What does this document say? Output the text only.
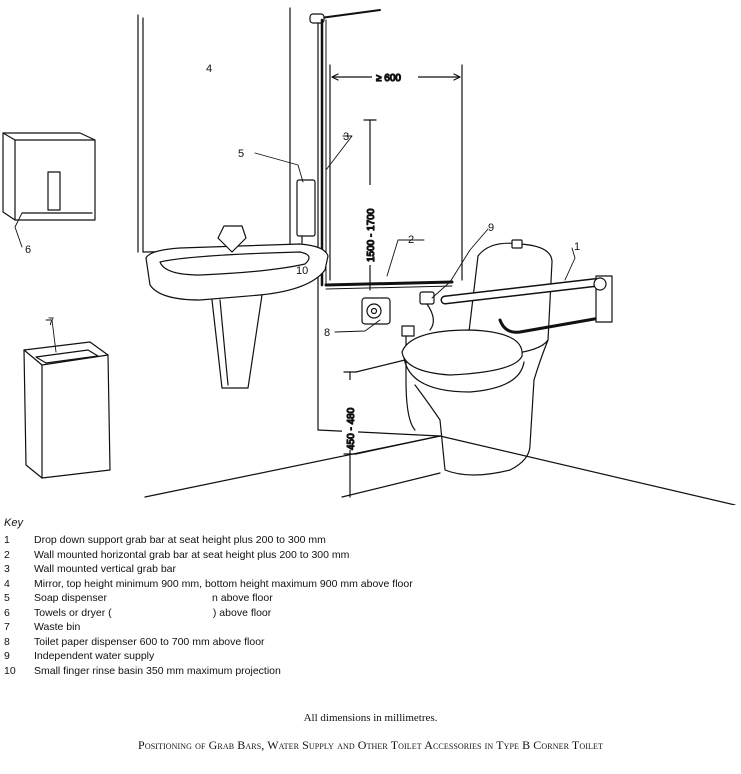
≥ 600
1500 - 1700
450 - 480
1
2
3
4
5
6
7
8
9
10
Key
1	Drop down support grab bar at seat height plus 200 to 300 mm
2	Wall mounted horizontal grab bar at seat height plus 200 to 300 mm
3	Wall mounted vertical grab bar
4	Mirror, top height minimum 900 mm, bottom height maximum 900 mm above floor
5	Soap dispenser                                    n above floor
6	Towels or dryer (                                   ) above floor
7	Waste bin
8	Toilet paper dispenser 600 to 700 mm above floor
9	Independent water supply
10	Small finger rinse basin 350 mm maximum projection
All dimensions in millimetres.
Positioning of Grab Bars, Water Supply and Other Toilet Accessories in Type B Corner Toilet
